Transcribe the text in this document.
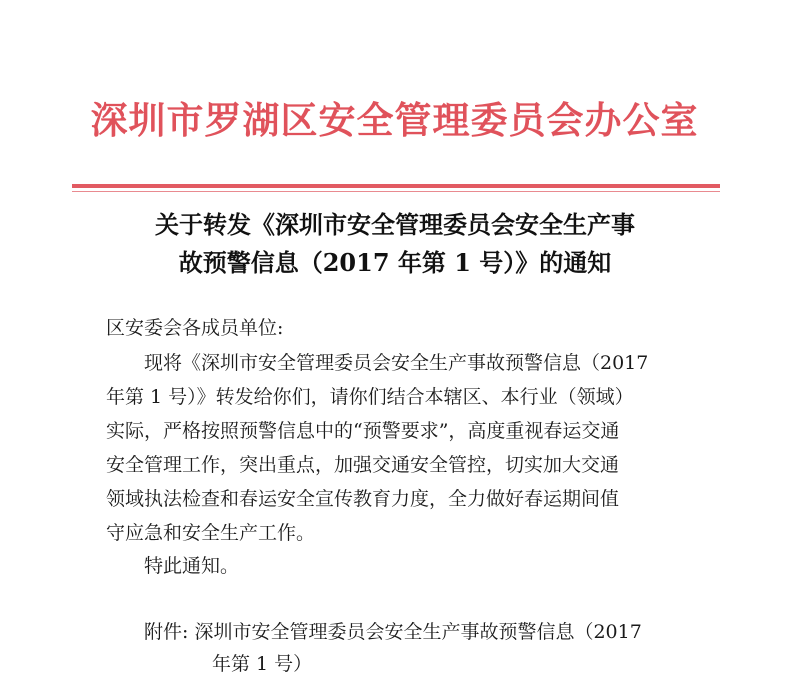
深圳市罗湖区安全管理委员会办公室
关于转发《深圳市安全管理委员会安全生产事
故预警信息（2017 年第 1 号）》的通知
区安委会各成员单位:
现将《深圳市安全管理委员会安全生产事故预警信息（2017
年第 1 号）》转发给你们，请你们结合本辖区、本行业（领域）
实际，严格按照预警信息中的“预警要求”，高度重视春运交通
安全管理工作，突出重点，加强交通安全管控，切实加大交通
领域执法检查和春运安全宣传教育力度，全力做好春运期间值
守应急和安全生产工作。
特此通知。
附件: 深圳市安全管理委员会安全生产事故预警信息（2017
年第 1 号）
